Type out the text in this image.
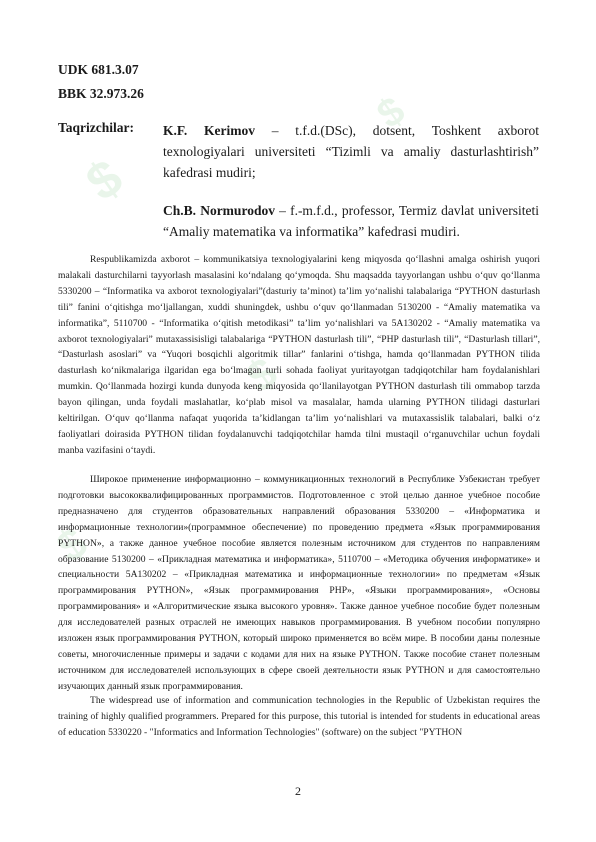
$
$
$
$
UDK 681.3.07
BBK 32.973.26
Taqrizchilar: K.F. Kerimov – t.f.d.(DSc), dotsent, Toshkent axborot texnologiyalari universiteti “Tizimli va amaliy dasturlashtirish” kafedrasi mudiri;
Ch.B. Normurodov – f.-m.f.d., professor, Termiz davlat universiteti “Amaliy matematika va informatika” kafedrasi mudiri.
Respublikamizda axborot – kommunikatsiya texnologiyalarini keng miqyosda qo‘llashni amalga oshirish yuqori malakali dasturchilarni tayyorlash masalasini ko‘ndalang qo‘ymoqda. Shu maqsadda tayyorlangan ushbu o‘quv qo‘llanma 5330200 – “Informatika va axborot texnologiyalari”(dasturiy ta’minot) ta’lim yo‘nalishi talabalariga “PYTHON dasturlash tili” fanini o‘qitishga mo‘ljallangan, xuddi shuningdek, ushbu o‘quv qo‘llanmadan 5130200 - “Amaliy matematika va informatika”, 5110700 - “Informatika o‘qitish metodikasi” ta’lim yo‘nalishlari va 5A130202 - “Amaliy matematika va axborot texnologiyalari” mutaxassisisligi talabalariga “PYTHON dasturlash tili”, “PHP dasturlash tili”, “Dasturlash tillari”, “Dasturlash asoslari” va “Yuqori bosqichli algoritmik tillar” fanlarini o‘tishga, hamda qo‘llanmadan PYTHON tilida dasturlash ko‘nikmalariga ilgaridan ega bo‘lmagan turli sohada faoliyat yuritayotgan tadqiqotchilar ham foydalanishlari mumkin. Qo‘llanmada hozirgi kunda dunyoda keng miqyosida qo‘llanilayotgan PYTHON dasturlash tili ommabop tarzda bayon qilingan, unda foydali maslahatlar, ko‘plab misol va masalalar, hamda ularning PYTHON tilidagi dasturlari keltirilgan. O‘quv qo‘llanma nafaqat yuqorida ta’kidlangan ta’lim yo‘nalishlari va mutaxassislik talabalari, balki o‘z faoliyatlari doirasida PYTHON tilidan foydalanuvchi tadqiqotchilar hamda tilni mustaqil o‘rganuvchilar uchun foydali manba vazifasini o‘taydi.
Широкое применение информационно – коммуникационных технологий в Республике Узбекистан требует подготовки высококвалифицированных программистов. Подготовленное с этой целью данное учебное пособие предназначено для студентов образовательных направлений образования 5330200 – «Информатика и информационные технологии»(программное обеспечение) по проведению предмета «Язык программирования PYTHON», а также данное учебное пособие является полезным источником для студентов по направлениям образование 5130200 – «Прикладная математика и информатика», 5110700 – «Методика обучения информатике» и специальности 5А130202 – «Прикладная математика и информационные технологии» по предметам «Язык программирования PYTHON», «Язык программирования PHP», «Языки программирования», «Основы программирования» и «Алгоритмические языка высокого уровня». Также данное учебное пособие будет полезным для исследователей разных отраслей не имеющих навыков программирования. В учебном пособии популярно изложен язык программирования PYTHON, который широко применяется во всём мире. В пособии даны полезные советы, многочисленные примеры и задачи с кодами для них на языке PYTHON. Также пособие станет полезным источником для исследователей использующих в сфере своей деятельности язык PYTHON и для самостоятельно изучающих данный язык программирования.
The widespread use of information and communication technologies in the Republic of Uzbekistan requires the training of highly qualified programmers. Prepared for this purpose, this tutorial is intended for students in educational areas of education 5330220 - "Informatics and Information Technologies" (software) on the subject "PYTHON
2
